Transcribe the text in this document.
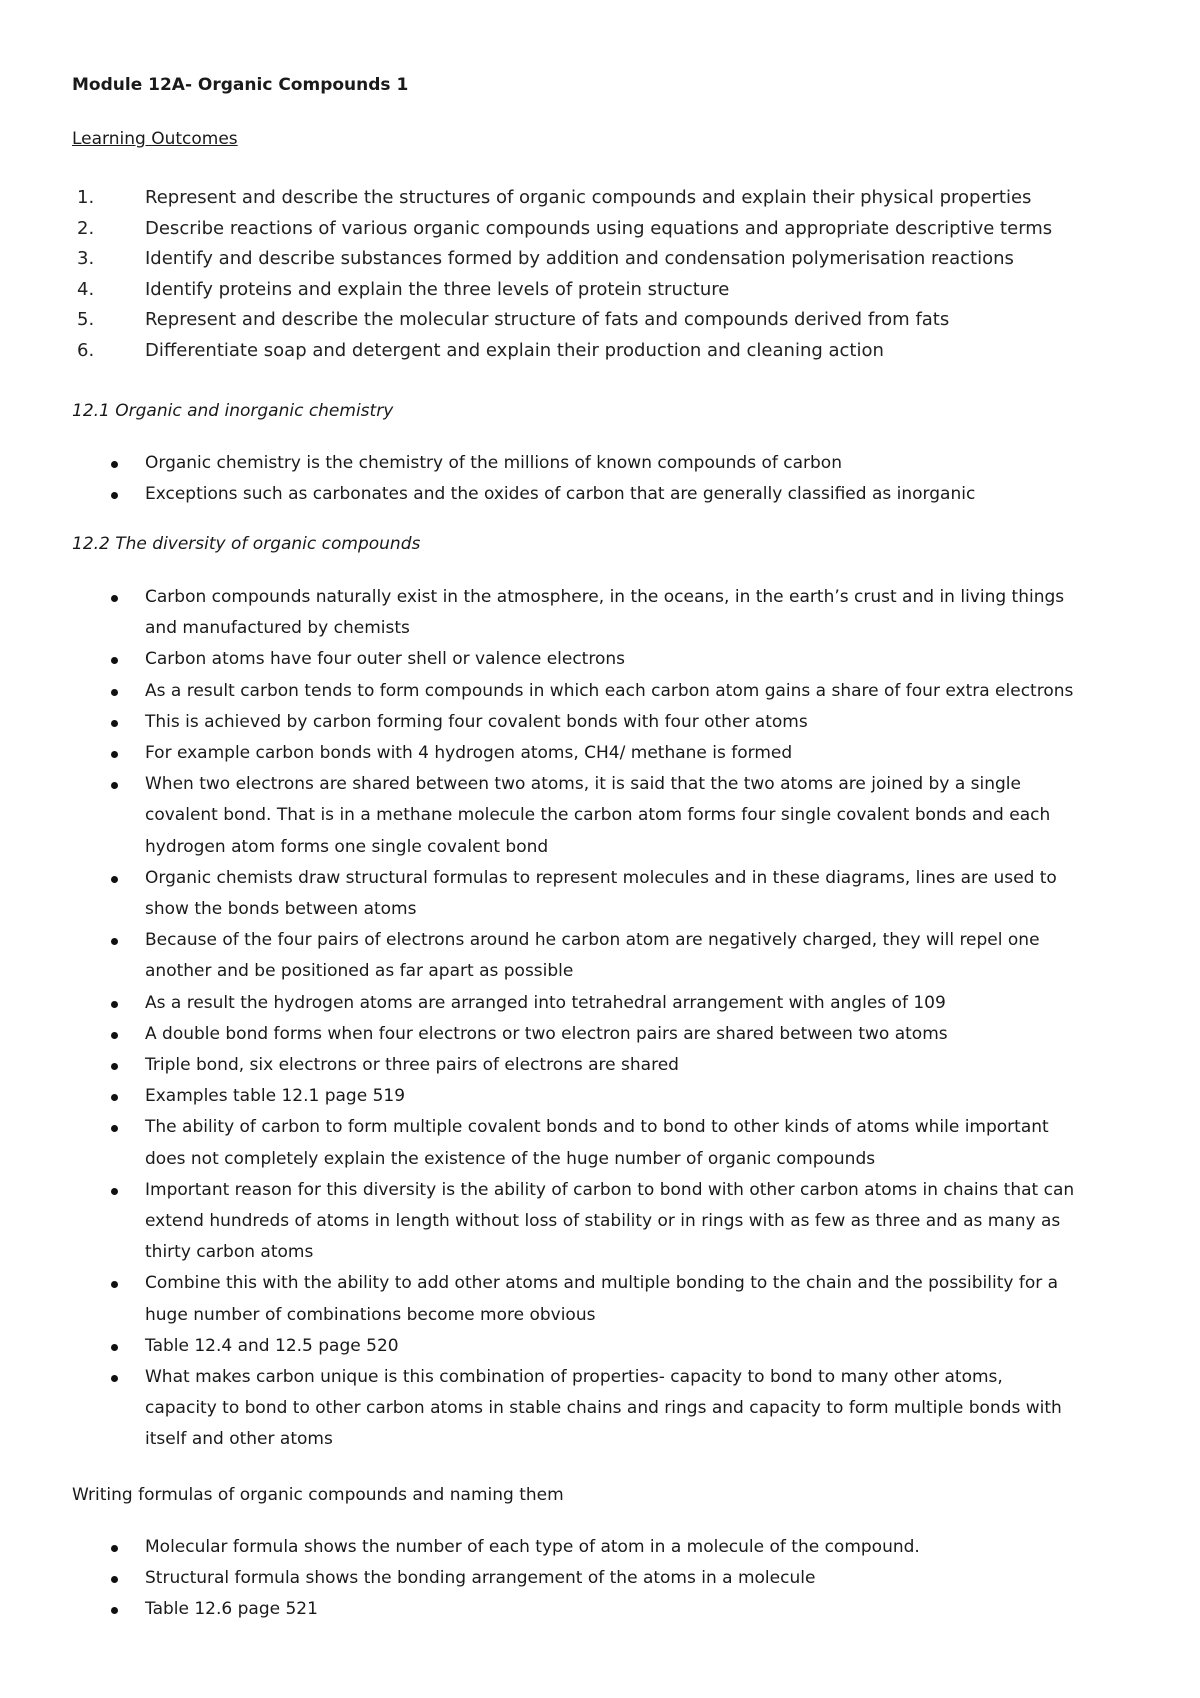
Module 12A- Organic Compounds 1
Learning Outcomes
1.	Represent and describe the structures of organic compounds and explain their physical properties
2.	Describe reactions of various organic compounds using equations and appropriate descriptive terms
3.	Identify and describe substances formed by addition and condensation polymerisation reactions
4.	Identify proteins and explain the three levels of protein structure
5.	Represent and describe the molecular structure of fats and compounds derived from fats
6.	Differentiate soap and detergent and explain their production and cleaning action
12.1 Organic and inorganic chemistry
Organic chemistry is the chemistry of the millions of known compounds of carbon
Exceptions such as carbonates and the oxides of carbon that are generally classified as inorganic
12.2 The diversity of organic compounds
Carbon compounds naturally exist in the atmosphere, in the oceans, in the earth’s crust and in living things
and manufactured by chemists
Carbon atoms have four outer shell or valence electrons
As a result carbon tends to form compounds in which each carbon atom gains a share of four extra electrons
This is achieved by carbon forming four covalent bonds with four other atoms
For example carbon bonds with 4 hydrogen atoms, CH4/ methane is formed
When two electrons are shared between two atoms, it is said that the two atoms are joined by a single
covalent bond. That is in a methane molecule the carbon atom forms four single covalent bonds and each
hydrogen atom forms one single covalent bond
Organic chemists draw structural formulas to represent molecules and in these diagrams, lines are used to
show the bonds between atoms
Because of the four pairs of electrons around he carbon atom are negatively charged, they will repel one
another and be positioned as far apart as possible
As a result the hydrogen atoms are arranged into tetrahedral arrangement with angles of 109
A double bond forms when four electrons or two electron pairs are shared between two atoms
Triple bond, six electrons or three pairs of electrons are shared
Examples table 12.1 page 519
The ability of carbon to form multiple covalent bonds and to bond to other kinds of atoms while important
does not completely explain the existence of the huge number of organic compounds
Important reason for this diversity is the ability of carbon to bond with other carbon atoms in chains that can
extend hundreds of atoms in length without loss of stability or in rings with as few as three and as many as
thirty carbon atoms
Combine this with the ability to add other atoms and multiple bonding to the chain and the possibility for a
huge number of combinations become more obvious
Table 12.4 and 12.5 page 520
What makes carbon unique is this combination of properties- capacity to bond to many other atoms,
capacity to bond to other carbon atoms in stable chains and rings and capacity to form multiple bonds with
itself and other atoms
Writing formulas of organic compounds and naming them
Molecular formula shows the number of each type of atom in a molecule of the compound.
Structural formula shows the bonding arrangement of the atoms in a molecule
Table 12.6 page 521
